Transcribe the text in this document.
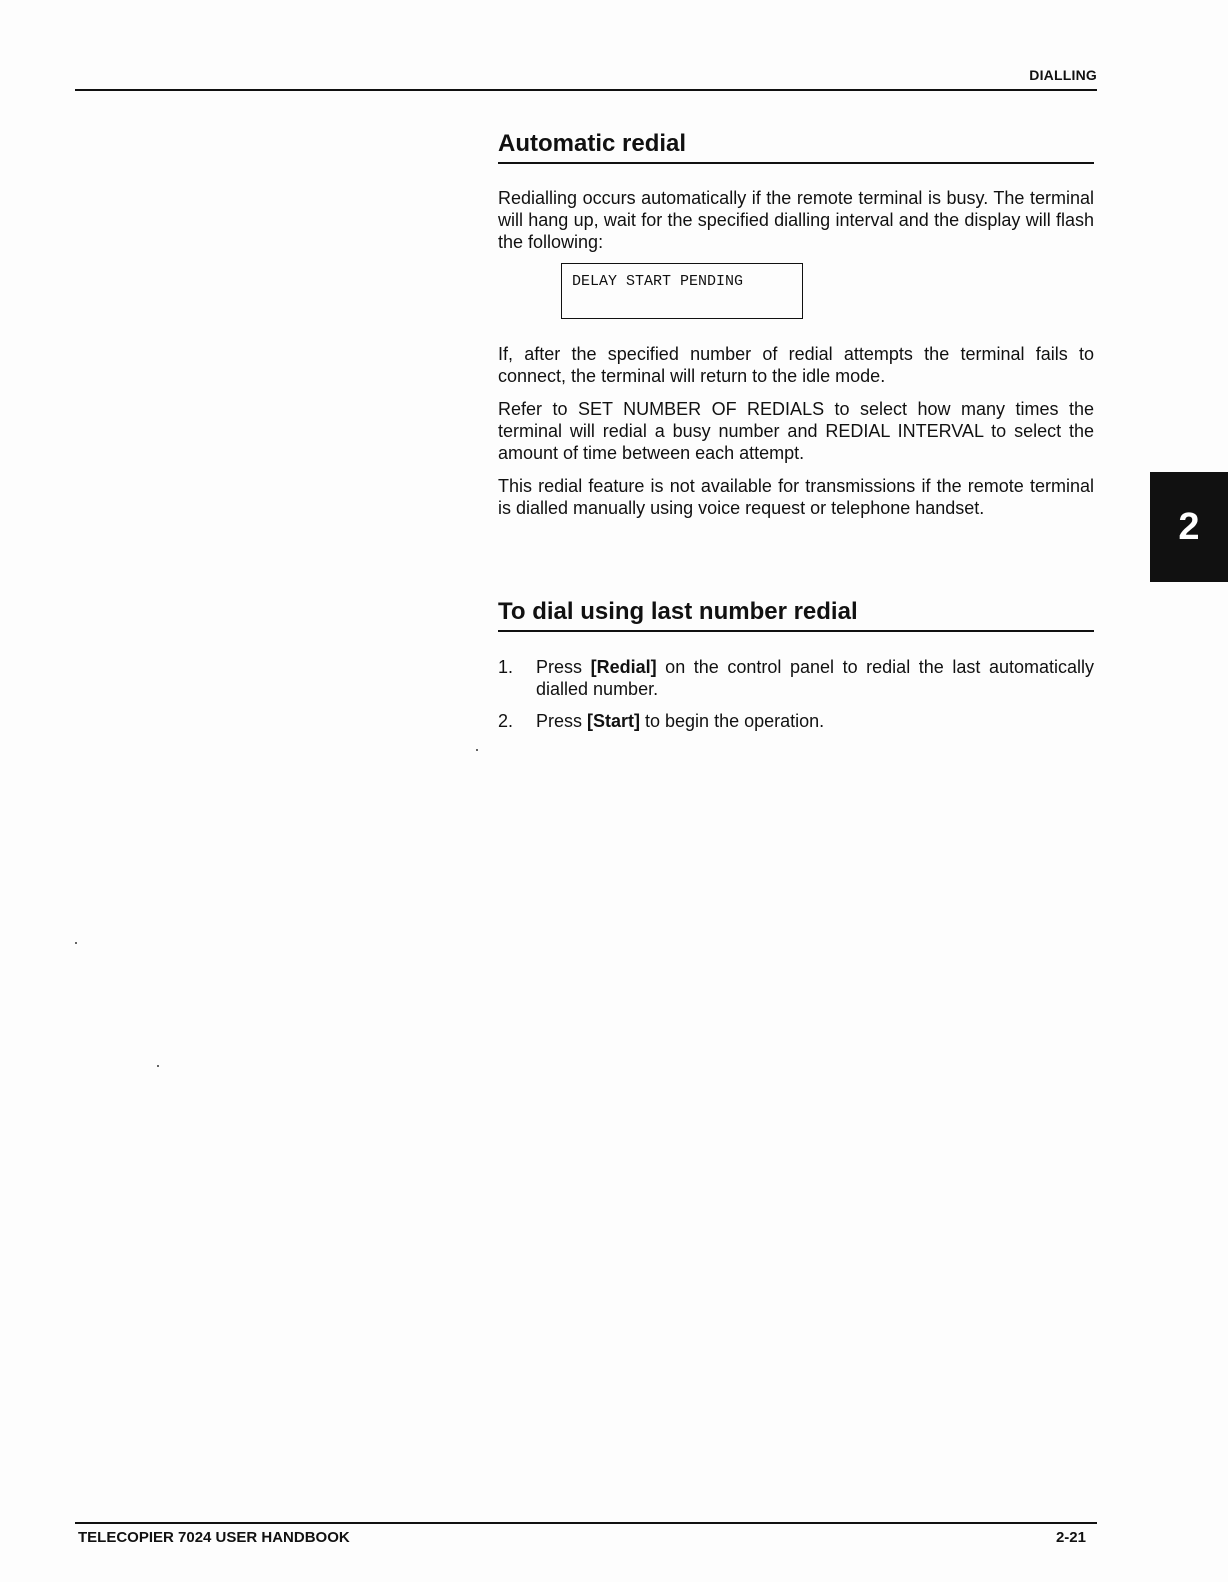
DIALLING
Automatic redial

Redialling occurs automatically if the remote terminal is busy. The terminal will hang up, wait for the specified dialling interval and the display will flash the following:

DELAY START PENDING

If, after the specified number of redial attempts the terminal fails to connect, the terminal will return to the idle mode.

Refer to SET NUMBER OF REDIALS to select how many times the terminal will redial a busy number and REDIAL INTERVAL to select the amount of time between each attempt.

This redial feature is not available for transmissions if the remote terminal is dialled manually using voice request or telephone handset.

To dial using last number redial
1.	Press [Redial] on the control panel to redial the last automatically dialled number.
2.	Press [Start] to begin the operation.
2
TELECOPIER 7024 USER HANDBOOK	2-21
